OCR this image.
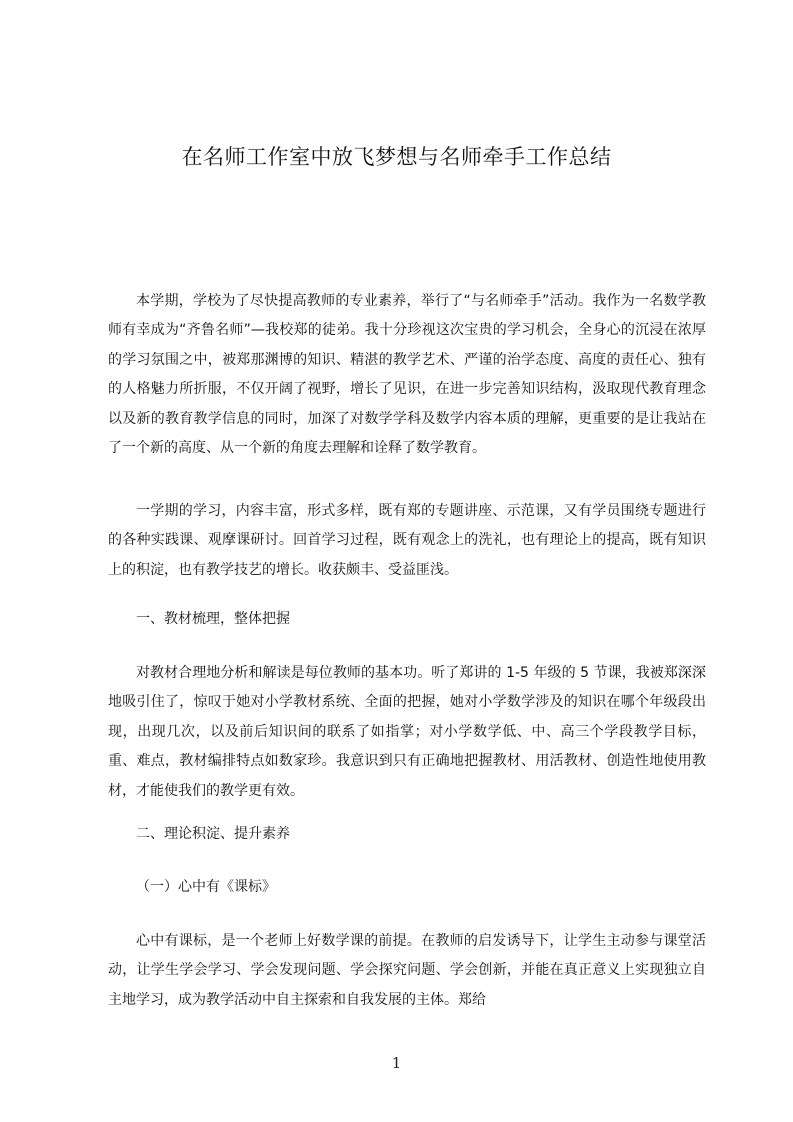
在名师工作室中放飞梦想与名师牵手工作总结

本学期，学校为了尽快提高教师的专业素养，举行了“与名师牵手”活动。我作为一名数学教师有幸成为“齐鲁名师”—我校郑的徒弟。我十分珍视这次宝贵的学习机会，全身心的沉浸在浓厚的学习氛围之中，被郑那渊博的知识、精湛的教学艺术、严谨的治学态度、高度的责任心、独有的人格魅力所折服，不仅开阔了视野，增长了见识，在进一步完善知识结构，汲取现代教育理念以及新的教育教学信息的同时，加深了对数学学科及数学内容本质的理解，更重要的是让我站在了一个新的高度、从一个新的角度去理解和诠释了数学教育。

一学期的学习，内容丰富，形式多样，既有郑的专题讲座、示范课，又有学员围绕专题进行的各种实践课、观摩课研讨。回首学习过程，既有观念上的洗礼，也有理论上的提高，既有知识上的积淀，也有教学技艺的增长。收获颇丰、受益匪浅。

一、教材梳理，整体把握

对教材合理地分析和解读是每位教师的基本功。听了郑讲的 1-5 年级的 5 节课，我被郑深深地吸引住了，惊叹于她对小学教材系统、全面的把握，她对小学数学涉及的知识在哪个年级段出现，出现几次，以及前后知识间的联系了如指掌；对小学数学低、中、高三个学段教学目标，重、难点，教材编排特点如数家珍。我意识到只有正确地把握教材、用活教材、创造性地使用教材，才能使我们的教学更有效。

二、理论积淀、提升素养

（一）心中有《课标》

心中有课标，是一个老师上好数学课的前提。在教师的启发诱导下，让学生主动参与课堂活动，让学生学会学习、学会发现问题、学会探究问题、学会创新，并能在真正意义上实现独立自主地学习，成为教学活动中自主探索和自我发展的主体。郑给

1
